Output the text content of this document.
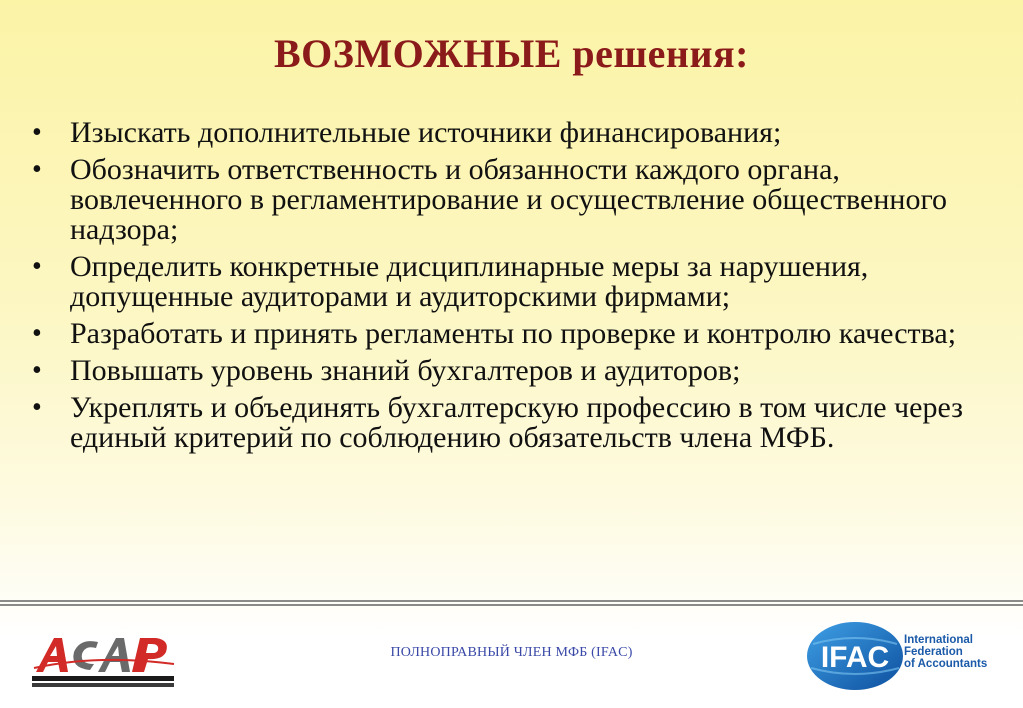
ВОЗМОЖНЫЕ решения:
• Изыскать дополнительные источники финансирования;
• Обозначить ответственность и обязанности каждого органа, вовлеченного в регламентирование и осуществление общественного надзора;
• Определить конкретные дисциплинарные меры за нарушения, допущенные аудиторами и аудиторскими фирмами;
• Разработать и принять регламенты по проверке и контролю качества;
• Повышать уровень знаний бухгалтеров и аудиторов;
• Укреплять и объединять бухгалтерскую профессию в том числе через единый критерий по соблюдению обязательств члена МФБ.
ПОЛНОПРАВНЫЙ ЧЛЕН МФБ (IFAC)	IFAC
International
Federation
of Accountants
